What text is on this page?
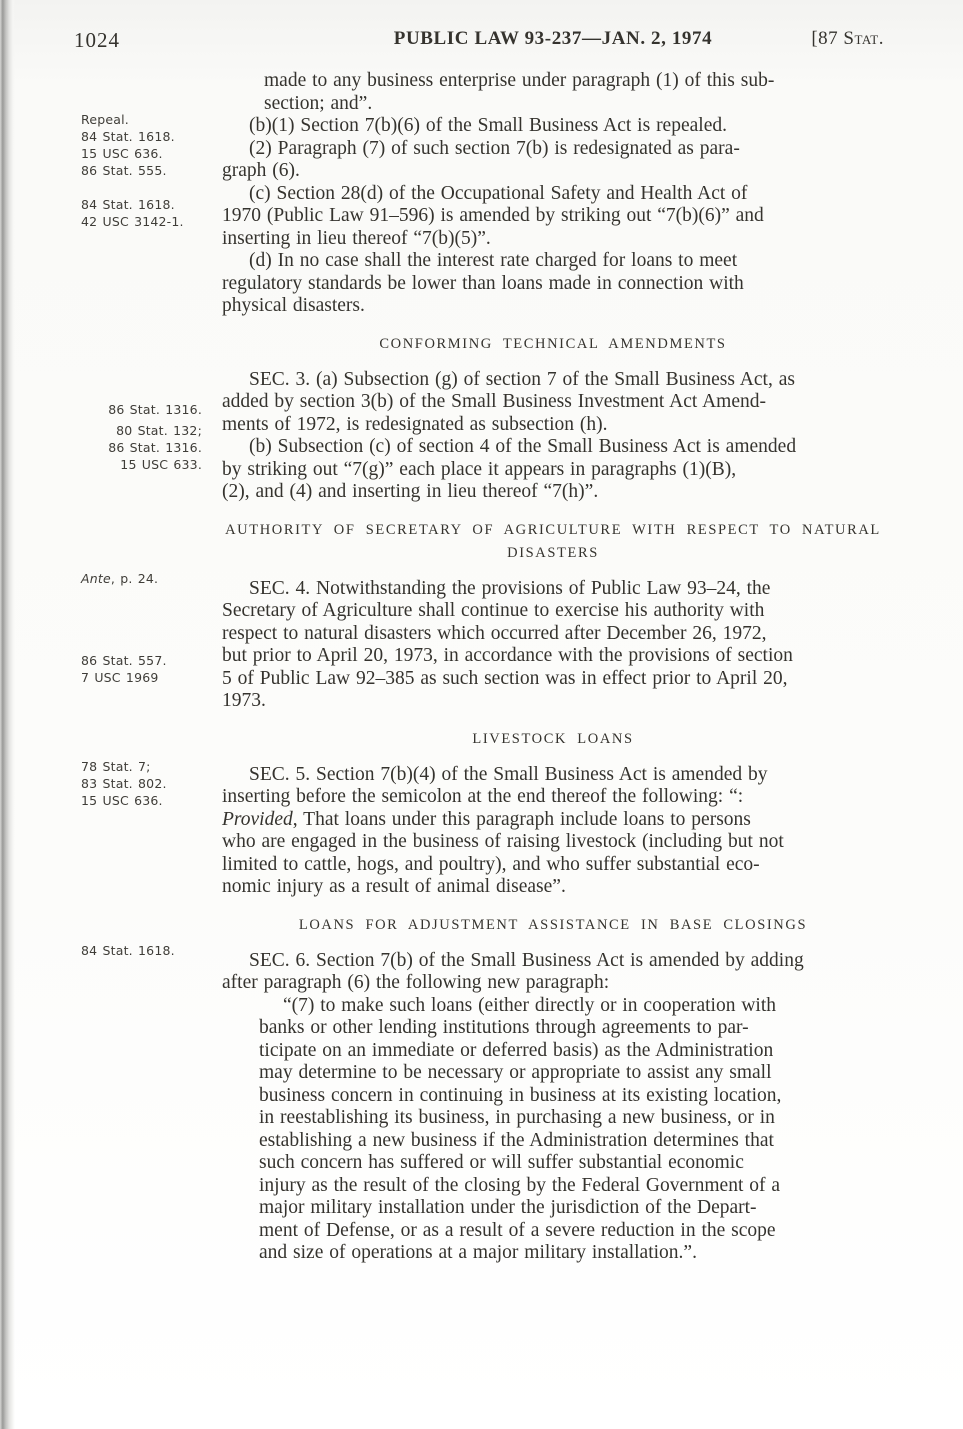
1024	PUBLIC LAW 93-237—JAN. 2, 1974	[87 Stat.
made to any business enterprise under paragraph (1) of this sub-
section; and”.
(b)(1) Section 7(b)(6) of the Small Business Act is repealed.
Repeal.
84 Stat. 1618.
15 USC 636.
86 Stat. 555.
(2) Paragraph (7) of such section 7(b) is redesignated as para-
graph (6).
(c) Section 28(d) of the Occupational Safety and Health Act of
1970 (Public Law 91–596) is amended by striking out “7(b)(6)” and
inserting in lieu thereof “7(b)(5)”.
84 Stat. 1618.
42 USC 3142-1.
(d) In no case shall the interest rate charged for loans to meet
regulatory standards be lower than loans made in connection with
physical disasters.
CONFORMING TECHNICAL AMENDMENTS
SEC. 3. (a) Subsection (g) of section 7 of the Small Business Act, as
added by section 3(b) of the Small Business Investment Act Amend-
ments of 1972, is redesignated as subsection (h).
86 Stat. 1316.
(b) Subsection (c) of section 4 of the Small Business Act is amended
by striking out “7(g)” each place it appears in paragraphs (1)(B),
(2), and (4) and inserting in lieu thereof “7(h)”.
80 Stat. 132;
86 Stat. 1316.
15 USC 633.
AUTHORITY OF SECRETARY OF AGRICULTURE WITH RESPECT TO NATURAL
DISASTERS
SEC. 4. Notwithstanding the provisions of Public Law 93–24, the
Secretary of Agriculture shall continue to exercise his authority with
respect to natural disasters which occurred after December 26, 1972,
but prior to April 20, 1973, in accordance with the provisions of section
5 of Public Law 92–385 as such section was in effect prior to April 20,
1973.
Ante, p. 24.
86 Stat. 557.
7 USC 1969
LIVESTOCK LOANS
SEC. 5. Section 7(b)(4) of the Small Business Act is amended by
inserting before the semicolon at the end thereof the following: “:
Provided, That loans under this paragraph include loans to persons
who are engaged in the business of raising livestock (including but not
limited to cattle, hogs, and poultry), and who suffer substantial eco-
nomic injury as a result of animal disease”.
78 Stat. 7;
83 Stat. 802.
15 USC 636.
LOANS FOR ADJUSTMENT ASSISTANCE IN BASE CLOSINGS
SEC. 6. Section 7(b) of the Small Business Act is amended by adding
after paragraph (6) the following new paragraph:
84 Stat. 1618.
“(7) to make such loans (either directly or in cooperation with
banks or other lending institutions through agreements to par-
ticipate on an immediate or deferred basis) as the Administration
may determine to be necessary or appropriate to assist any small
business concern in continuing in business at its existing location,
in reestablishing its business, in purchasing a new business, or in
establishing a new business if the Administration determines that
such concern has suffered or will suffer substantial economic
injury as the result of the closing by the Federal Government of a
major military installation under the jurisdiction of the Depart-
ment of Defense, or as a result of a severe reduction in the scope
and size of operations at a major military installation.”.
